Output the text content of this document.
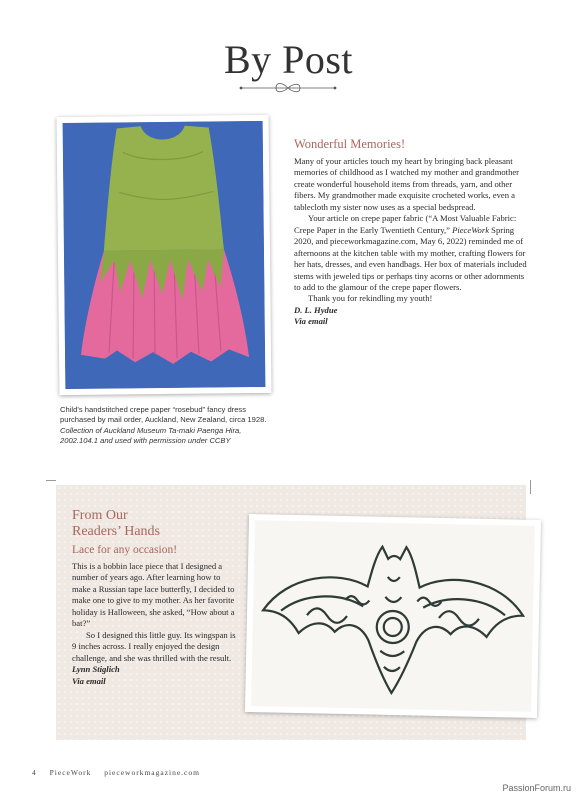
By Post
Child’s handstitched crepe paper “rosebud” fancy dress
purchased by mail order, Auckland, New Zealand, circa 1928.
Collection of Auckland Museum Ta-maki Paenga Hira,
2002.104.1 and used with permission under CCBY
Wonderful Memories!

Many of your articles touch my heart by bringing back pleasant memories of childhood as I watched my mother and grandmother create wonderful household items from threads, yarn, and other fibers. My grandmother made exquisite crocheted works, even a tablecloth my sister now uses as a special bedspread.

Your article on crepe paper fabric (“A Most Valuable Fabric: Crepe Paper in the Early Twentieth Century,” PieceWork Spring 2020, and pieceworkmagazine.com, May 6, 2022) reminded me of afternoons at the kitchen table with my mother, crafting flowers for her hats, dresses, and even handbags. Her box of materials included stems with jeweled tips or perhaps tiny acorns or other adornments to add to the glamour of the crepe paper flowers.

Thank you for rekindling my youth!

D. L. Hydue

Via email

From Our
Readers’ Hands
Lace for any occasion!

This is a bobbin lace piece that I designed a number of years ago. After learning how to make a Russian tape lace butterfly, I decided to make one to give to my mother. As her favorite holiday is Halloween, she asked, “How about a bat?”

So I designed this little guy. Its wingspan is 9 inches across. I really enjoyed the design challenge, and she was thrilled with the result.

Lynn Stiglich

Via email

4 PieceWork pieceworkmagazine.com
PassionForum.ru
